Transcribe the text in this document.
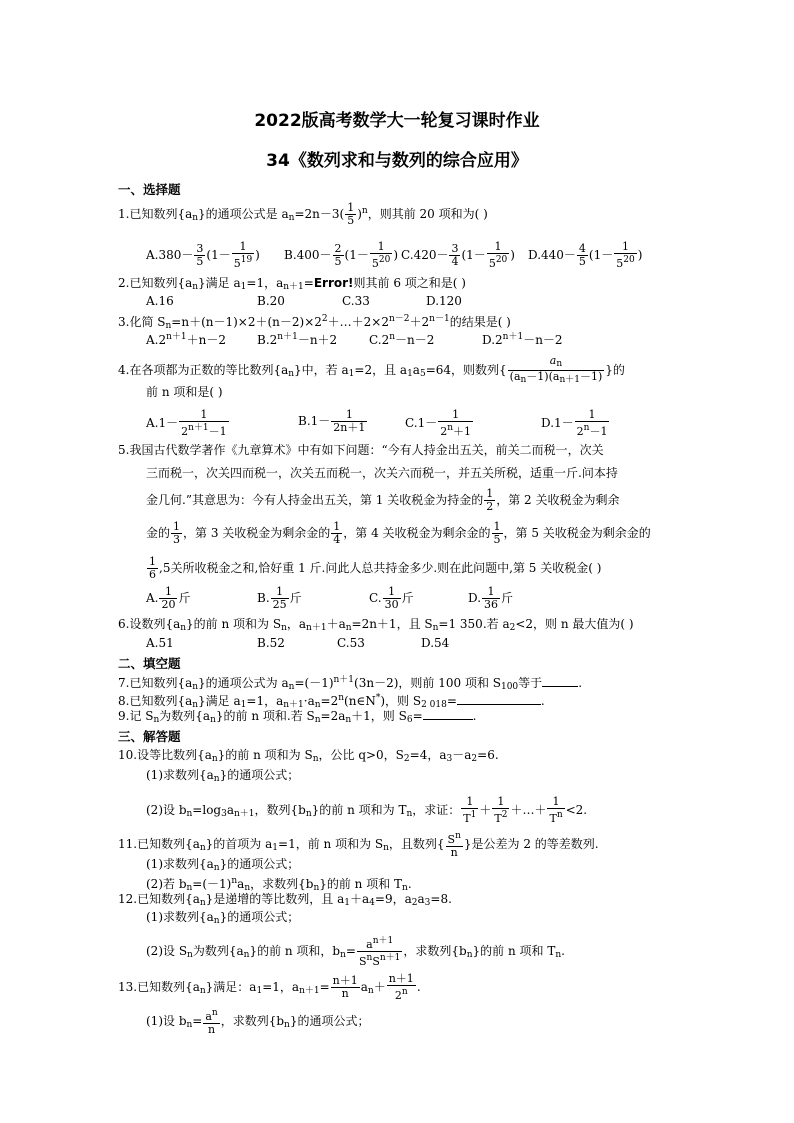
2022版高考数学大一轮复习课时作业
34《数列求和与数列的综合应用》
一、选择题
1.已知数列$\{a_n\}$的通项公式是 $a_n=2n-3( \frac{1}{5} )^n$，则其前 20 项和为( )
$A.380- \frac{3}{5} (1- \frac{1}{5^{19}}$ ) $B.400- \frac{2}{5} (1- \frac{1}{5^{20}}$ ) $C.420- \frac{3}{4} (1- \frac{1}{5^{20}}$ ) $D.440- \frac{4}{5} (1- \frac{1}{5^{20}}$ )
2.已知数列$\{a_n\}$满足 $a_1=1$，$a_{n+1}=Error$!则其前 6 项之和是( )
A.16	B.20	C.33	D.120
3.化简 $S_n=n+(n-1)\times 2+(n-2)\times 2^2+\dots+2\times 2^{n-2}+2^{n-1}$的结果是( )
$A.2^{n+1}+n-2$	$B.2^{n+1}-n+2$	$C.2^n-n-2$	$D.2^{n+1}-n-2$
4.在各项都为正数的等比数列$\{a_n\}$中，若 $a_1=2$，且 $a_1a_5=64$，则数列{ $\frac{a_n}{(a_n-1)(a_{n+1}-1)}$ }的
前 n 项和是( )
$A.1- \frac{1}{2^{n+1}-1}$	$B.1- \frac{1}{2n+1}$	$C.1- \frac{1}{2^n+1}$	$D.1- \frac{1}{2^n-1}$
5.我国古代数学著作《九章算术》中有如下问题：“今有人持金出五关，前关二而税一，次关
三而税一，次关四而税一，次关五而税一，次关六而税一，并五关所税，适重一斤.问本持
金几何.”其意思为：今有人持金出五关，第 1 关收税金为持金的 $\frac{1}{2}$ ，第 2 关收税金为剩余
金的 $\frac{1}{3}$ ，第 3 关收税金为剩余金的 $\frac{1}{4}$ ，第 4 关收税金为剩余金的 $\frac{1}{5}$ ，第 5 关收税金为剩余金的
$\frac{1}{6} ,5$关所收税金之和,恰好重 1 斤.问此人总共持金多少.则在此问题中,第 5 关收税金( )
A. $\frac{1}{20}$ 斤	B. $\frac{1}{25}$ 斤	C. $\frac{1}{30}$ 斤	D. $\frac{1}{36}$ 斤
6.设数列$\{a_n\}$的前 n 项和为 $S_n$，$a_{n+1}+a_n=2n+1$，且 $S_n=1$ 350.若 $a_2<2$，则 n 最大值为( )
A.51	B.52	C.53	D.54
二、填空题
7.已知数列$\{a_n\}$的通项公式为 $a_n=(-1)^{n+1}(3n-2)$，则前 100 项和 $S_{100}$等于	.
8.已知数列$\{a_n\}$满足 $a_1=1$，$a_{n+1}\cdot a_n=2^n(n\in N^*)$，则 $S_{2 018}=$	.
9.记 $S_n$为数列$\{a_n\}$的前 n 项和.若 $S_n=2a_n+1$，则 $S_6=$	.
三、解答题
10.设等比数列$\{a_n\}$的前 n 项和为 $S_n$，公比 q>0，$S_2=4$，$a_3-a_2=6$.
(1)求数列$\{a_n\}$的通项公式；
(2)设 $b_n=\log_3a_{n+1}$，数列$\{b_n\}$的前 n 项和为 $T_n$，求证： $\frac{1}{T^1} + \frac{1}{T^2}$ ＋…＋ $\frac{1}{T^n} <2$.
11.已知数列$\{a_n\}$的首项为 $a_1=1$，前 n 项和为 $S_n$，且数列{ $\frac{S^n}{n}$ }是公差为 2 的等差数列.
(1)求数列$\{a_n\}$的通项公式；
(2)若 $b_n=(-1)^na_n$，求数列$\{b_n\}$的前 n 项和 $T_n$.
12.已知数列$\{a_n\}$是递增的等比数列，且 $a_1+a_4=9$，$a_2a_3=8$.
(1)求数列$\{a_n\}$的通项公式；
(2)设 $S_n$为数列$\{a_n\}$的前 n 项和，$b_n= \frac{a^{n+1}}{S^nS^{n+1}}$ ，求数列$\{b_n\}$的前 n 项和 $T_n$.
13.已知数列$\{a_n\}$满足：$a_1=1$，$a_{n+1}= \frac{n+1}{n} a_n+ \frac{n+1}{2^n}$ .
(1)设 $b_n= \frac{a^n}{n}$ ，求数列$\{b_n\}$的通项公式；
